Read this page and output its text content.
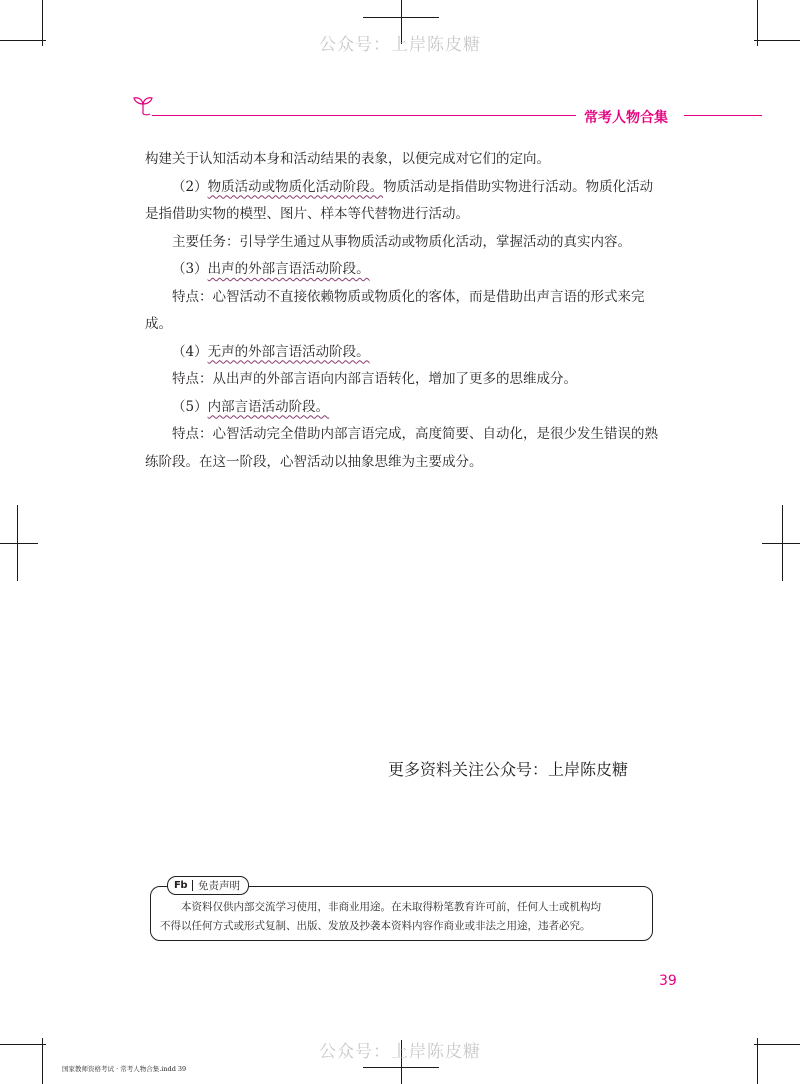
公众号：上岸陈皮糖
常考人物合集

构建关于认知活动本身和活动结果的表象，以便完成对它们的定向。

（2）物质活动或物质化活动阶段。物质活动是指借助实物进行活动。物质化活动是指借助实物的模型、图片、样本等代替物进行活动。

主要任务：引导学生通过从事物质活动或物质化活动，掌握活动的真实内容。

（3）出声的外部言语活动阶段。

特点：心智活动不直接依赖物质或物质化的客体，而是借助出声言语的形式来完成。

（4）无声的外部言语活动阶段。

特点：从出声的外部言语向内部言语转化，增加了更多的思维成分。

（5）内部言语活动阶段。

特点：心智活动完全借助内部言语完成，高度简要、自动化，是很少发生错误的熟练阶段。在这一阶段，心智活动以抽象思维为主要成分。

更多资料关注公众号：上岸陈皮糖
Fb 免责声明
本资料仅供内部交流学习使用，非商业用途。在未取得粉笔教育许可前，任何人士或机构均
不得以任何方式或形式复制、出版、发放及抄袭本资料内容作商业或非法之用途，违者必究。
39
公众号：上岸陈皮糖
国家教师资格考试 · 常考人物合集.indd 39
